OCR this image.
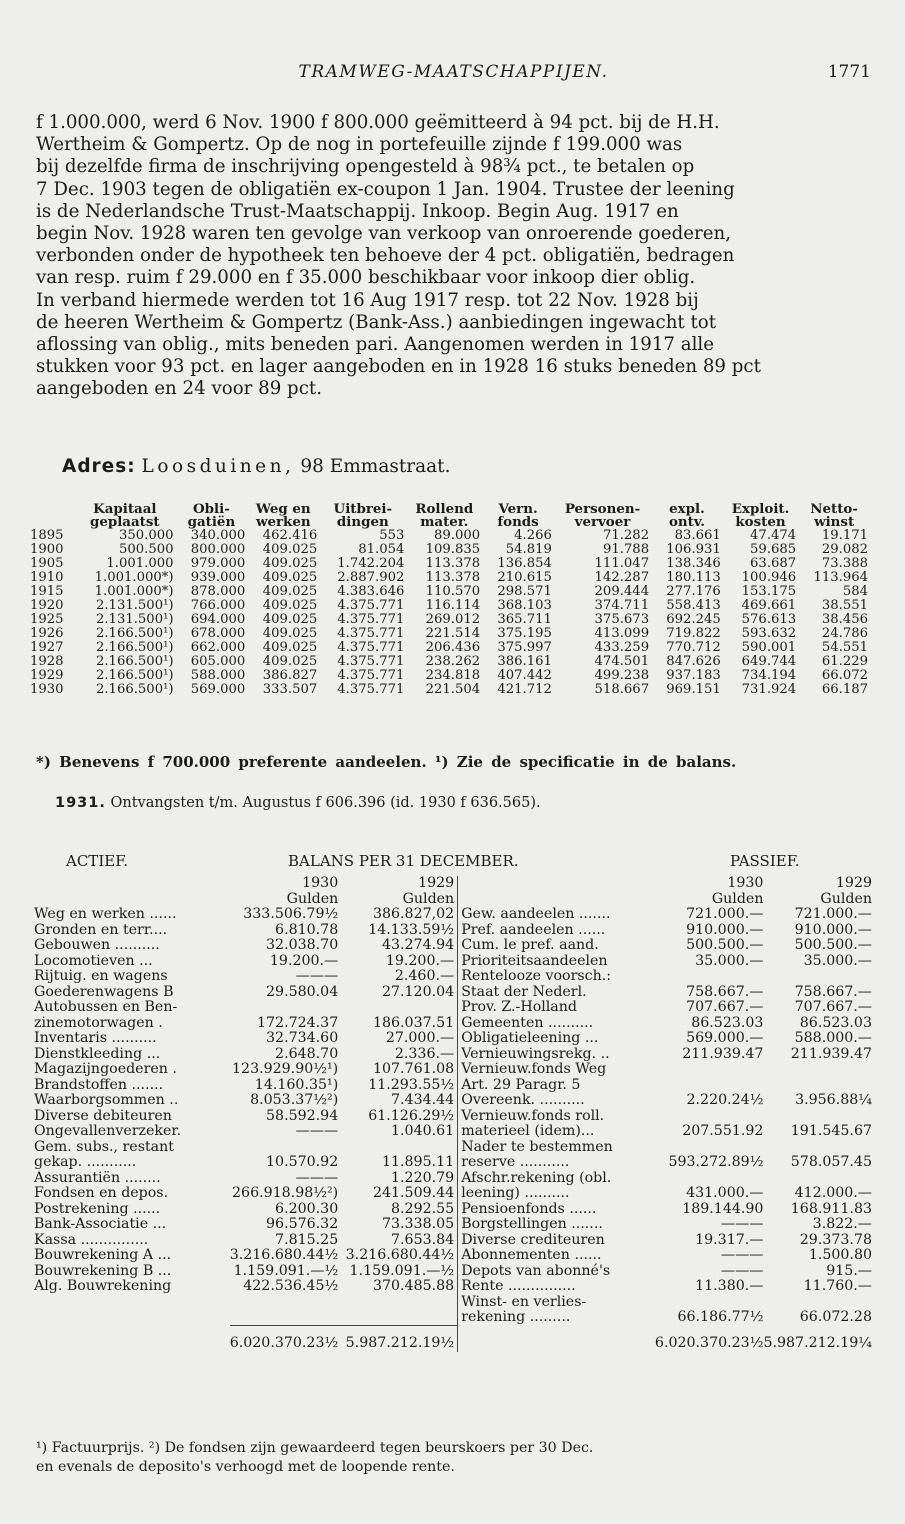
TRAMWEG-MAATSCHAPPIJEN.	1771
f 1.000.000, werd 6 Nov. 1900 f 800.000 geëmitteerd à 94 pct. bij de H.H.
Wertheim & Gompertz. Op de nog in portefeuille zijnde f 199.000 was
bij dezelfde firma de inschrijving opengesteld à 98¾ pct., te betalen op
7 Dec. 1903 tegen de obligatiën ex-coupon 1 Jan. 1904. Trustee der leening
is de Nederlandsche Trust-Maatschappij. Inkoop. Begin Aug. 1917 en
begin Nov. 1928 waren ten gevolge van verkoop van onroerende goederen,
verbonden onder de hypotheek ten behoeve der 4 pct. obligatiën, bedragen
van resp. ruim f 29.000 en f 35.000 beschikbaar voor inkoop dier oblig.
In verband hiermede werden tot 16 Aug 1917 resp. tot 22 Nov. 1928 bij
de heeren Wertheim & Gompertz (Bank-Ass.) aanbiedingen ingewacht tot
aflossing van oblig., mits beneden pari. Aangenomen werden in 1917 alle
stukken voor 93 pct. en lager aangeboden en in 1928 16 stuks beneden 89 pct
aangeboden en 24 voor 89 pct.
Adres: Loosduinen, 98 Emmastraat.
	Kapitaal	Obli-	Weg en	Uitbrei-	Rollend	Vern.	Personen-	expl.	Exploit.	Netto-
	geplaatst	gatiën	werken	dingen	mater.	fonds	vervoer	ontv.	kosten	winst
1895	350.000	340.000	462.416	553	89.000	4.266	71.282	83.661	47.474	19.171
1900	500.500	800.000	409.025	81.054	109.835	54.819	91.788	106.931	59.685	29.082
1905	1.001.000	979.000	409.025	1.742.204	113.378	136.854	111.047	138.346	63.687	73.388
1910	1.001.000*)	939.000	409.025	2.887.902	113.378	210.615	142.287	180.113	100.946	113.964
1915	1.001.000*)	878.000	409.025	4.383.646	110.570	298.571	209.444	277.176	153.175	584
1920	2.131.500¹)	766.000	409.025	4.375.771	116.114	368.103	374.711	558.413	469.661	38.551
1925	2.131.500¹)	694.000	409.025	4.375.771	269.012	365.711	375.673	692.245	576.613	38.456
1926	2.166.500¹)	678.000	409.025	4.375.771	221.514	375.195	413.099	719.822	593.632	24.786
1927	2.166.500¹)	662.000	409.025	4.375.771	206.436	375.997	433.259	770.712	590.001	54.551
1928	2.166.500¹)	605.000	409.025	4.375.771	238.262	386.161	474.501	847.626	649.744	61.229
1929	2.166.500¹)	588.000	386.827	4.375.771	234.818	407.442	499.238	937.183	734.194	66.072
1930	2.166.500¹)	569.000	333.507	4.375.771	221.504	421.712	518.667	969.151	731.924	66.187
*) Benevens f 700.000 preferente aandeelen. ¹) Zie de specificatie in de balans.
1931. Ontvangsten t/m. Augustus f 606.396 (id. 1930 f 636.565).
ACTIEF.	BALANS PER 31 DECEMBER.	PASSIEF.
	1930	1929		1930	1929
	Gulden	Gulden		Gulden	Gulden
Weg en werken ......	333.506.79½	386.827,02	Gew. aandeelen .......	721.000.—	721.000.—
Gronden en terr....	6.810.78	14.133.59½	Pref. aandeelen ......	910.000.—	910.000.—
Gebouwen ..........	32.038.70	43.274.94	Cum. le pref. aand.	500.500.—	500.500.—
Locomotieven ...	19.200.—	19.200.—	Prioriteitsaandeelen	35.000.—	35.000.—
Rijtuig. en wagens	———	2.460.—	Rentelooze voorsch.:		
Goederenwagens B	29.580.04	27.120.04	Staat der Nederl.	758.667.—	758.667.—
Autobussen en Ben-			Prov. Z.-Holland	707.667.—	707.667.—
zinemotorwagen .	172.724.37	186.037.51	Gemeenten ..........	86.523.03	86.523.03
Inventaris ..........	32.734.60	27.000.—	Obligatieleening ...	569.000.—	588.000.—
Dienstkleeding ...	2.648.70	2.336.—	Vernieuwingsrekg. ..	211.939.47	211.939.47
Magazijngoederen .	123.929.90½¹)	107.761.08	Vernieuw.fonds Weg		
Brandstoffen .......	14.160.35¹)	11.293.55½	Art. 29 Paragr. 5		
Waarborgsommen ..	8.053.37½²)	7.434.44	Overeenk. ..........	2.220.24½	3.956.88¼
Diverse debiteuren	58.592.94	61.126.29½	Vernieuw.fonds roll.		
Ongevallenverzeker.	———	1.040.61	materieel (idem)...	207.551.92	191.545.67
Gem. subs., restant			Nader te bestemmen		
gekap. ...........	10.570.92	11.895.11	reserve ...........	593.272.89½	578.057.45
Assurantiën ........	———	1.220.79	Afschr.rekening (obl.		
Fondsen en depos.	266.918.98½²)	241.509.44	leening) ..........	431.000.—	412.000.—
Postrekening ......	6.200.30	8.292.55	Pensioenfonds ......	189.144.90	168.911.83
Bank-Associatie ...	96.576.32	73.338.05	Borgstellingen .......	———	3.822.—
Kassa ...............	7.815.25	7.653.84	Diverse crediteuren	19.317.—	29.373.78
Bouwrekening A ...	3.216.680.44½	3.216.680.44½	Abonnementen ......	———	1.500.80
Bouwrekening B ...	1.159.091.—½	1.159.091.—½	Depots van abonné's	———	915.—
Alg. Bouwrekening	422.536.45½	370.485.88	Rente ...............	11.380.—	11.760.—
			Winst- en verlies-		
			rekening .........	66.186.77½	66.072.28
	6.020.370.23½	5.987.212.19½		6.020.370.23½	5.987.212.19¼
¹) Factuurprijs. ²) De fondsen zijn gewaardeerd tegen beurskoers per 30 Dec.
en evenals de deposito's verhoogd met de loopende rente.
